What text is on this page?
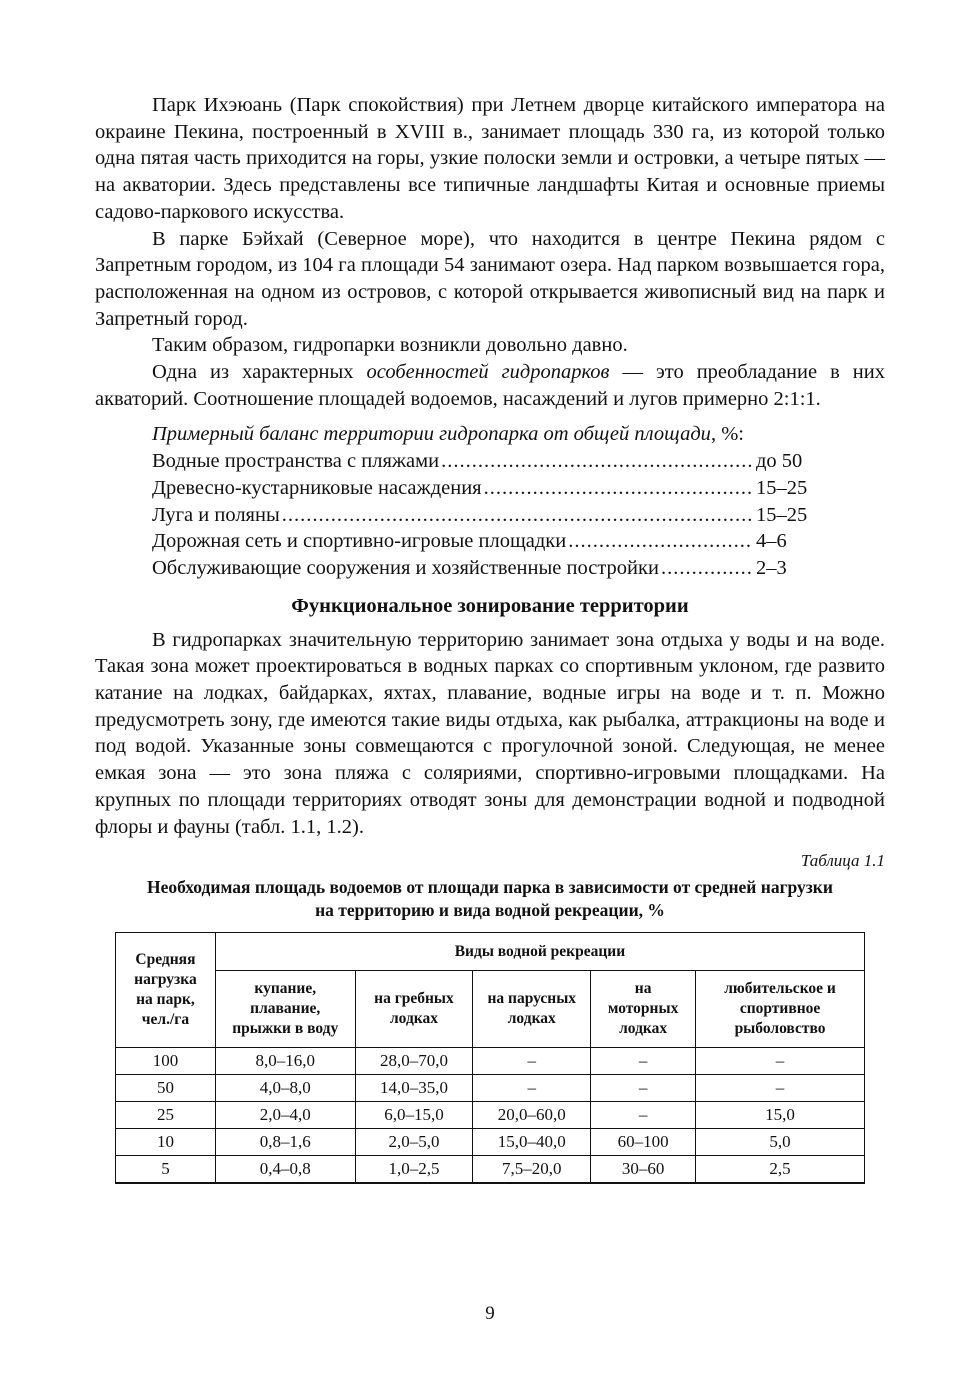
Парк Ихэюань (Парк спокойствия) при Летнем дворце китайского императора на окраине Пекина, построенный в XVIII в., занимает площадь 330 га, из которой только одна пятая часть приходится на горы, узкие полоски земли и островки, а четыре пятых — на акватории. Здесь представлены все типичные ландшафты Китая и основные приемы садово-паркового искусства.

В парке Бэйхай (Северное море), что находится в центре Пекина рядом с Запретным городом, из 104 га площади 54 занимают озера. Над парком возвышается гора, расположенная на одном из островов, с которой открывается живописный вид на парк и Запретный город.

Таким образом, гидропарки возникли довольно давно.

Одна из характерных особенностей гидропарков — это преобладание в них акваторий. Соотношение площадей водоемов, насаждений и лугов примерно 2:1:1.

Примерный баланс территории гидропарка от общей площади, %:
Водные пространства с пляжами .....	до 50
Древесно-кустарниковые насаждения .....	15–25
Луга и поляны .....	15–25
Дорожная сеть и спортивно-игровые площадки .....	4–6
Обслуживающие сооружения и хозяйственные постройки .....	2–3
Функциональное зонирование территории

В гидропарках значительную территорию занимает зона отдыха у воды и на воде. Такая зона может проектироваться в водных парках со спортивным уклоном, где развито катание на лодках, байдарках, яхтах, плавание, водные игры на воде и т. п. Можно предусмотреть зону, где имеются такие виды отдыха, как рыбалка, аттракционы на воде и под водой. Указанные зоны совмещаются с прогулочной зоной. Следующая, не менее емкая зона — это зона пляжа с соляриями, спортивно-игровыми площадками. На крупных по площади территориях отводят зоны для демонстрации водной и подводной флоры и фауны (табл. 1.1, 1.2).

Таблица 1.1
Необходимая площадь водоемов от площади парка в зависимости от средней нагрузки
на территорию и вида водной рекреации, %
Средняя нагрузка на парк, чел./га	Виды водной рекреации				
	купание, плавание, прыжки в воду	на гребных лодках	на парусных лодках	на моторных лодках	любительское и спортивное рыболовство
100	8,0–16,0	28,0–70,0	–	–	–
50	4,0–8,0	14,0–35,0	–	–	–
25	2,0–4,0	6,0–15,0	20,0–60,0	–	15,0
10	0,8–1,6	2,0–5,0	15,0–40,0	60–100	5,0
5	0,4–0,8	1,0–2,5	7,5–20,0	30–60	2,5
9
